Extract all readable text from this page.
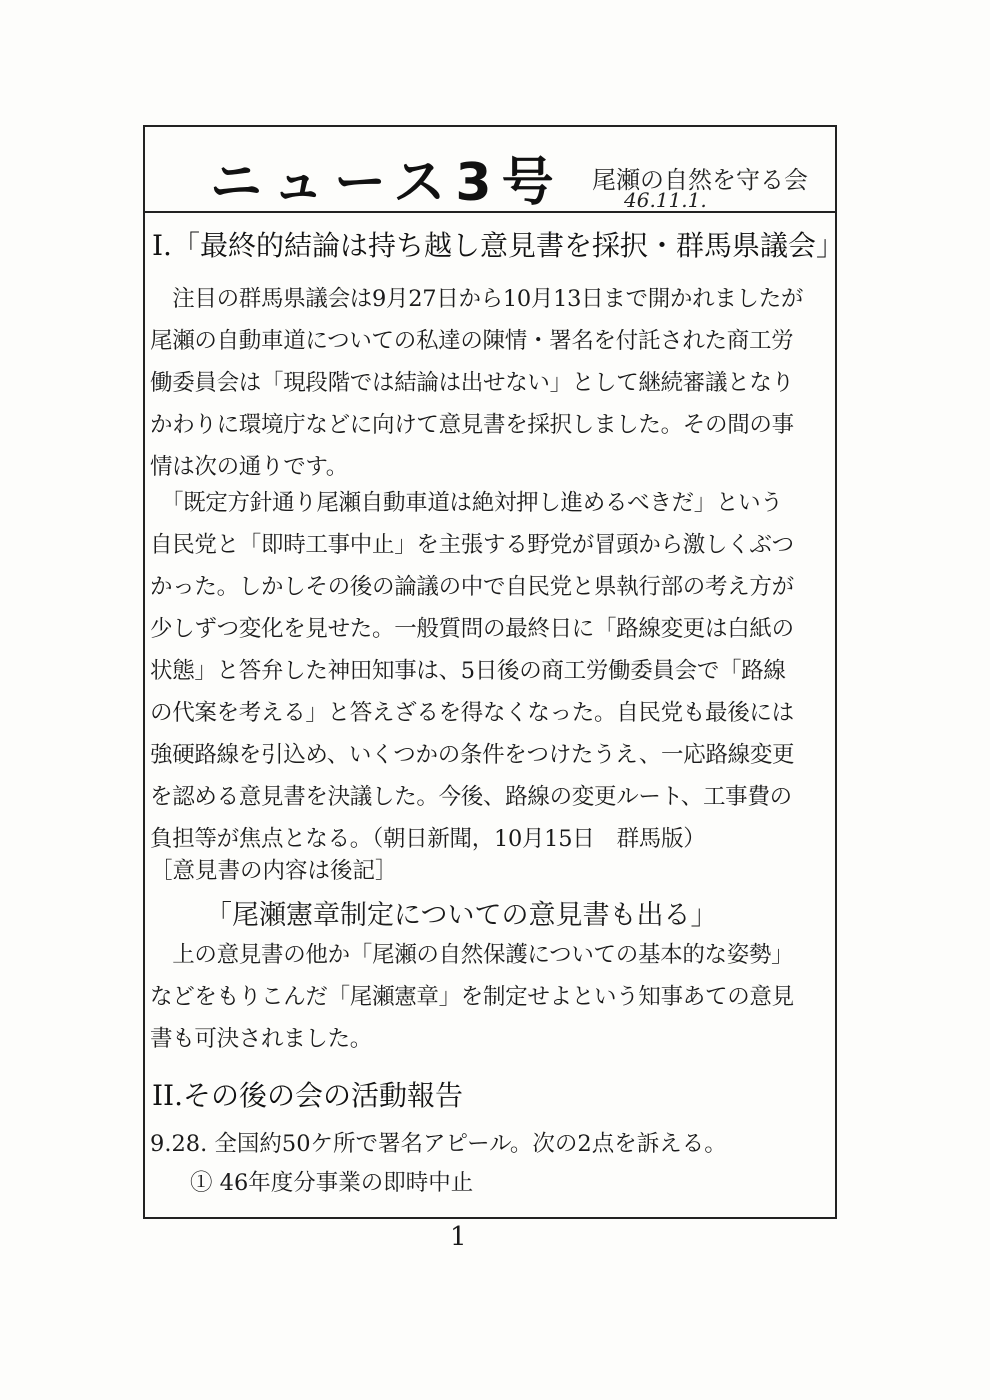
ニュース3号 尾瀬の自然を守る会
46.11.1.
I.「最終的結論は持ち越し意見書を採択・群馬県議会」
　注目の群馬県議会は9月27日から10月13日まで開かれましたが
尾瀬の自動車道についての私達の陳情・署名を付託された商工労
働委員会は「現段階では結論は出せない」として継続審議となり
かわりに環境庁などに向けて意見書を採択しました。その間の事
情は次の通りです。
　「既定方針通り尾瀬自動車道は絶対押し進めるべきだ」という
自民党と「即時工事中止」を主張する野党が冒頭から激しくぶつ
かった。しかしその後の論議の中で自民党と県執行部の考え方が
少しずつ変化を見せた。一般質問の最終日に「路線変更は白紙の
状態」と答弁した神田知事は、5日後の商工労働委員会で「路線
の代案を考える」と答えざるを得なくなった。自民党も最後には
強硬路線を引込め、いくつかの条件をつけたうえ、一応路線変更
を認める意見書を決議した。今後、路線の変更ルート、工事費の
負担等が焦点となる。（朝日新聞，10月15日　群馬版）
［意見書の内容は後記］
「尾瀬憲章制定についての意見書も出る」
　上の意見書の他か「尾瀬の自然保護についての基本的な姿勢」
などをもりこんだ「尾瀬憲章」を制定せよという知事あての意見
書も可決されました。
II.その後の会の活動報告
9.28. 全国約50ケ所で署名アピール。次の2点を訴える。
① 46年度分事業の即時中止
1
